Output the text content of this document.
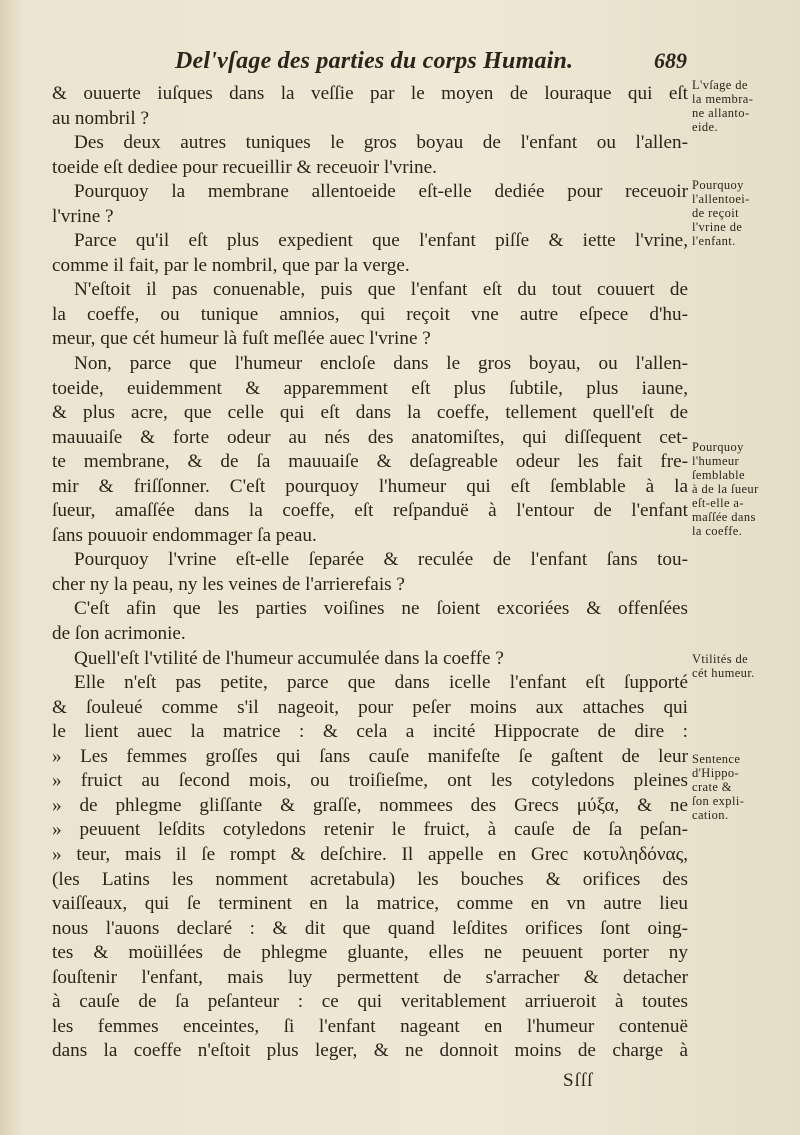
Del'vſage des parties du corps Humain.	689
& ouuerte iuſques dans la veſſie par le moyen de louraque qui eſt
au nombril ?
Des deux autres tuniques le gros boyau de l'enfant ou l'allen-
toeide eſt dediee pour recueillir & receuoir l'vrine.
Pourquoy la membrane allentoeide eſt-elle dediée pour receuoir
l'vrine ?
Parce qu'il eſt plus expedient que l'enfant piſſe & iette l'vrine,
comme il fait, par le nombril, que par la verge.
N'eſtoit il pas conuenable, puis que l'enfant eſt du tout couuert de
la coeffe, ou tunique amnios, qui reçoit vne autre eſpece d'hu-
meur, que cét humeur là fuſt meſlée auec l'vrine ?
Non, parce que l'humeur encloſe dans le gros boyau, ou l'allen-
toeide, euidemment & apparemment eſt plus ſubtile, plus iaune,
& plus acre, que celle qui eſt dans la coeffe, tellement quell'eſt de
mauuaiſe & forte odeur au nés des anatomiſtes, qui diſſequent cet-
te membrane, & de ſa mauuaiſe & deſagreable odeur les fait fre-
mir & friſſonner. C'eſt pourquoy l'humeur qui eſt ſemblable à la
ſueur, amaſſée dans la coeffe, eſt reſpanduë à l'entour de l'enfant
ſans pouuoir endommager ſa peau.
Pourquoy l'vrine eſt-elle ſeparée & reculée de l'enfant ſans tou-
cher ny la peau, ny les veines de l'arrierefais ?
C'eſt afin que les parties voiſines ne ſoient excoriées & offenſées
de ſon acrimonie.
Quell'eſt l'vtilité de l'humeur accumulée dans la coeffe ?
Elle n'eſt pas petite, parce que dans icelle l'enfant eſt ſupporté
& ſouleué comme s'il nageoit, pour peſer moins aux attaches qui
le lient auec la matrice : & cela a incité Hippocrate de dire :
» Les femmes groſſes qui ſans cauſe manifeſte ſe gaſtent de leur
» fruict au ſecond mois, ou troiſieſme, ont les cotyledons pleines
» de phlegme gliſſante & graſſe, nommees des Grecs μύξα, & ne
» peuuent leſdits cotyledons retenir le fruict, à cauſe de ſa peſan-
» teur, mais il ſe rompt & deſchire. Il appelle en Grec κοτυληδόνας,
(les Latins les nomment acretabula) les bouches & orifices des
vaiſſeaux, qui ſe terminent en la matrice, comme en vn autre lieu
nous l'auons declaré : & dit que quand leſdites orifices ſont oing-
tes & moüillées de phlegme gluante, elles ne peuuent porter ny
ſouſtenir l'enfant, mais luy permettent de s'arracher & detacher
à cauſe de ſa peſanteur : ce qui veritablement arriueroit à toutes
les femmes enceintes, ſi l'enfant nageant en l'humeur contenuë
dans la coeffe n'eſtoit plus leger, & ne donnoit moins de charge à
L'vſage de
la membra-
ne allanto-
eide.
Pourquoy
l'allentoei-
de reçoit
l'vrine de
l'enfant.
Pourquoy
l'humeur
ſemblable
à de la ſueur
eſt-elle a-
maſſée dans
la coeffe.
Vtilités de
cét humeur.
Sentence
d'Hippo-
crate &
ſon expli-
cation.
Sſſſ
